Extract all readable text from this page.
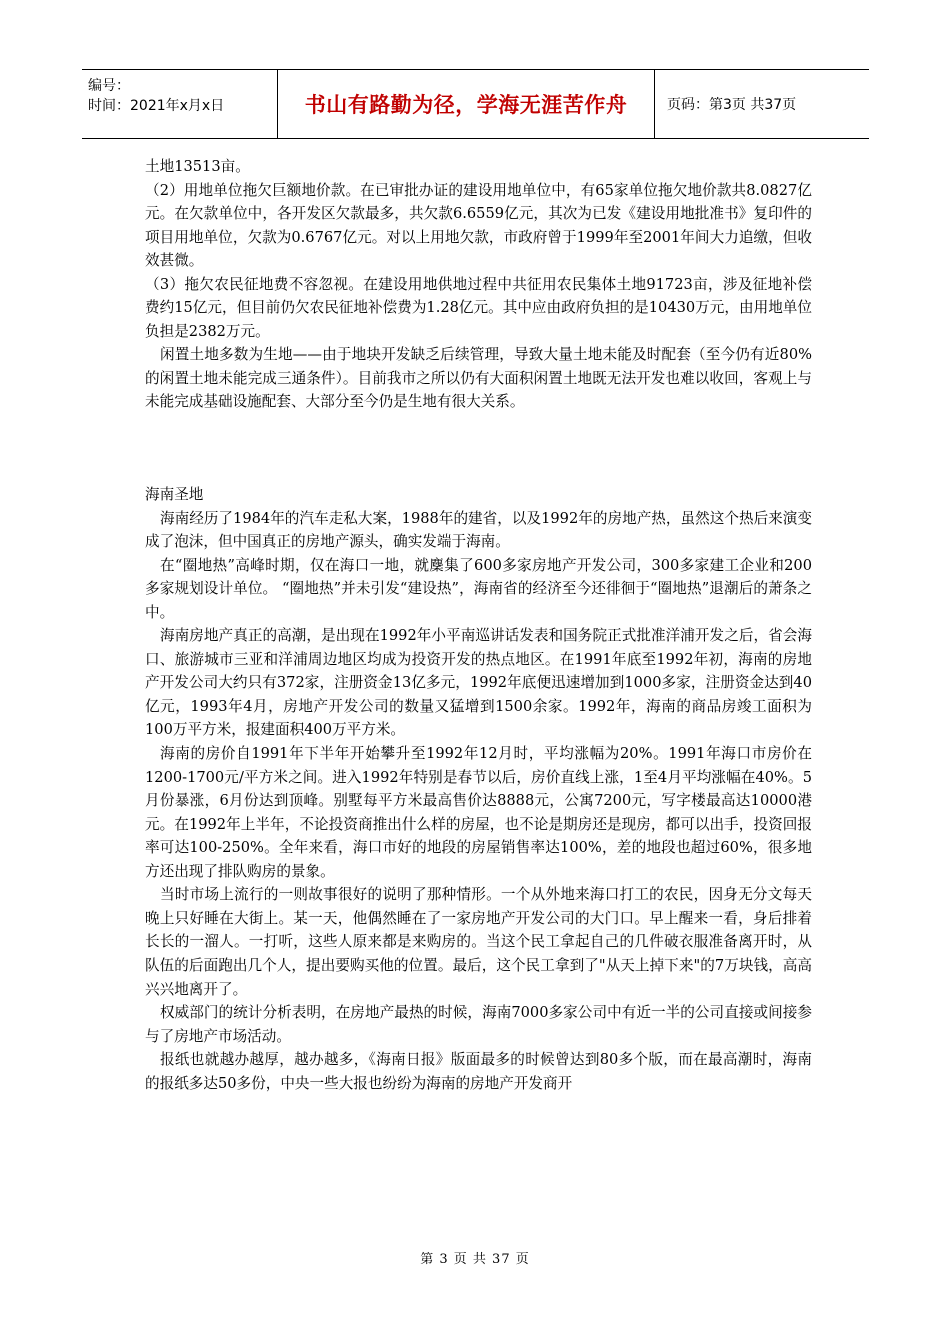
编号：
时间：2021年x月x日	书山有路勤为径，学海无涯苦作舟	页码：第3页 共37页

土地13513亩。

（2）用地单位拖欠巨额地价款。在已审批办证的建设用地单位中，有65家单位拖欠地价款共8.0827亿元。在欠款单位中，各开发区欠款最多，共欠款6.6559亿元，其次为已发《建设用地批准书》复印件的项目用地单位，欠款为0.6767亿元。对以上用地欠款，市政府曾于1999年至2001年间大力追缴，但收效甚微。

（3）拖欠农民征地费不容忽视。在建设用地供地过程中共征用农民集体土地91723亩，涉及征地补偿费约15亿元，但目前仍欠农民征地补偿费为1.28亿元。其中应由政府负担的是10430万元，由用地单位负担是2382万元。

闲置土地多数为生地——由于地块开发缺乏后续管理，导致大量土地未能及时配套（至今仍有近80%的闲置土地未能完成三通条件）。目前我市之所以仍有大面积闲置土地既无法开发也难以收回，客观上与未能完成基础设施配套、大部分至今仍是生地有很大关系。

海南圣地

海南经历了1984年的汽车走私大案，1988年的建省，以及1992年的房地产热，虽然这个热后来演变成了泡沫，但中国真正的房地产源头，确实发端于海南。

在“圈地热”高峰时期，仅在海口一地，就麇集了600多家房地产开发公司，300多家建工企业和200多家规划设计单位。 “圈地热”并未引发“建设热”，海南省的经济至今还徘徊于“圈地热”退潮后的萧条之中。

海南房地产真正的高潮，是出现在1992年小平南巡讲话发表和国务院正式批准洋浦开发之后，省会海口、旅游城市三亚和洋浦周边地区均成为投资开发的热点地区。在1991年底至1992年初，海南的房地产开发公司大约只有372家，注册资金13亿多元，1992年底便迅速增加到1000多家，注册资金达到40亿元，1993年4月，房地产开发公司的数量又猛增到1500余家。1992年，海南的商品房竣工面积为100万平方米，报建面积400万平方米。

海南的房价自1991年下半年开始攀升至1992年12月时，平均涨幅为20%。1991年海口市房价在1200-1700元/平方米之间。进入1992年特别是春节以后，房价直线上涨，1至4月平均涨幅在40%。5月份暴涨，6月份达到顶峰。别墅每平方米最高售价达8888元，公寓7200元，写字楼最高达10000港元。在1992年上半年，不论投资商推出什么样的房屋，也不论是期房还是现房，都可以出手，投资回报率可达100-250%。全年来看，海口市好的地段的房屋销售率达100%，差的地段也超过60%，很多地方还出现了排队购房的景象。

当时市场上流行的一则故事很好的说明了那种情形。一个从外地来海口打工的农民，因身无分文每天晚上只好睡在大街上。某一天，他偶然睡在了一家房地产开发公司的大门口。早上醒来一看，身后排着长长的一溜人。一打听，这些人原来都是来购房的。当这个民工拿起自己的几件破衣服准备离开时，从队伍的后面跑出几个人，提出要购买他的位置。最后，这个民工拿到了"从天上掉下来"的7万块钱，高高兴兴地离开了。

权威部门的统计分析表明，在房地产最热的时候，海南7000多家公司中有近一半的公司直接或间接参与了房地产市场活动。

报纸也就越办越厚，越办越多，《海南日报》版面最多的时候曾达到80多个版，而在最高潮时，海南的报纸多达50多份，中央一些大报也纷纷为海南的房地产开发商开

第 3 页 共 37 页
